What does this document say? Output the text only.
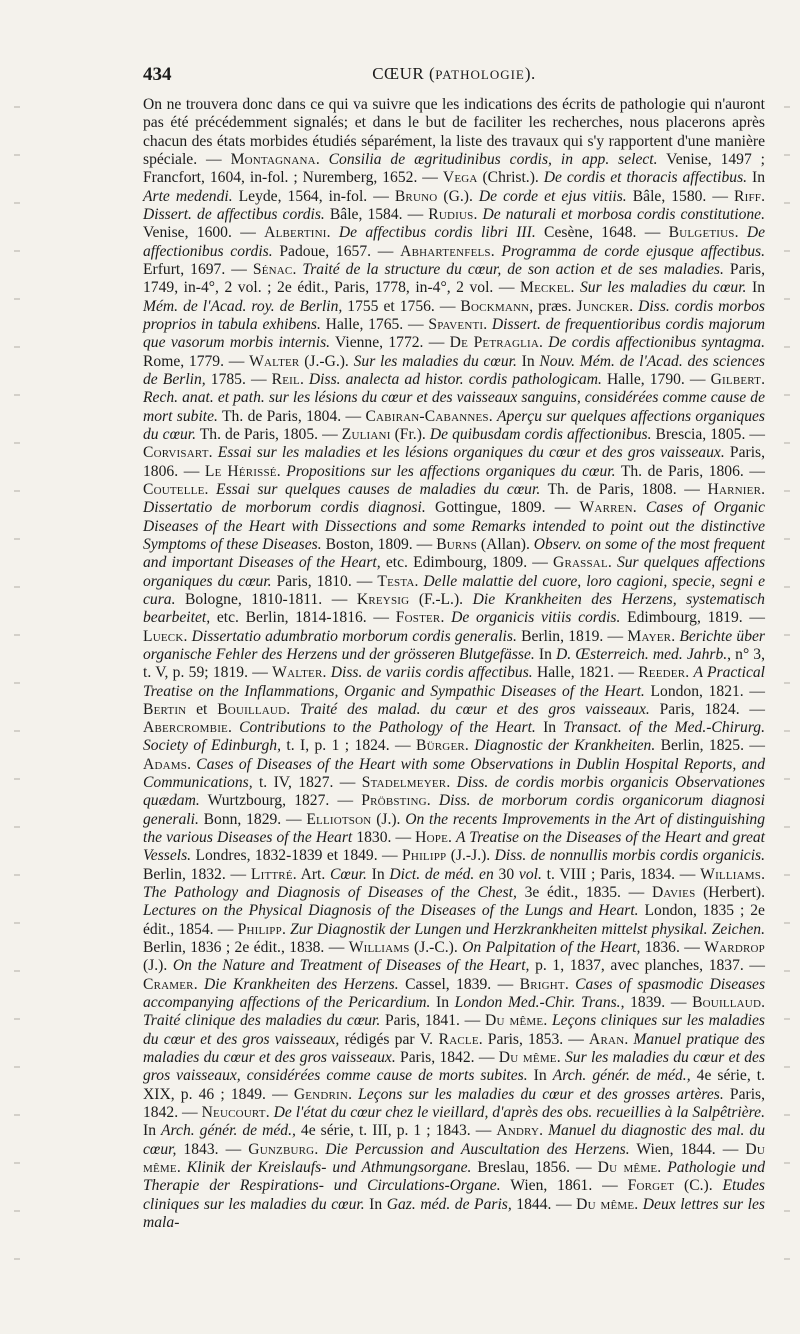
434	CŒUR (PATHOLOGIE).

On ne trouvera donc dans ce qui va suivre que les indications des écrits de pathologie qui n'auront pas été précédemment signalés; et dans le but de faciliter les recherches, nous placerons après chacun des états morbides étudiés séparément, la liste des travaux qui s'y rapportent d'une manière spéciale. — Montagnana. Consilia de ægritudinibus cordis, in app. select. Venise, 1497 ; Francfort, 1604, in-fol. ; Nuremberg, 1652. — Vega (Christ.). De cordis et thoracis affectibus. In Arte medendi. Leyde, 1564, in-fol. — Bruno (G.). De corde et ejus vitiis. Bâle, 1580. — Riff. Dissert. de affectibus cordis. Bâle, 1584. — Rudius. De naturali et morbosa cordis constitutione. Venise, 1600. — Albertini. De affectibus cordis libri III. Cesène, 1648. — Bulgetius. De affectionibus cordis. Padoue, 1657. — Abhartenfels. Programma de corde ejusque affectibus. Erfurt, 1697. — Sénac. Traité de la structure du cœur, de son action et de ses maladies. Paris, 1749, in-4°, 2 vol. ; 2e édit., Paris, 1778, in-4°, 2 vol. — Meckel. Sur les maladies du cœur. In Mém. de l'Acad. roy. de Berlin, 1755 et 1756. — Bockmann, præs. Juncker. Diss. cordis morbos proprios in tabula exhibens. Halle, 1765. — Spaventi. Dissert. de frequentioribus cordis majorum que vasorum morbis internis. Vienne, 1772. — De Petraglia. De cordis affectionibus syntagma. Rome, 1779. — Walter (J.-G.). Sur les maladies du cœur. In Nouv. Mém. de l'Acad. des sciences de Berlin, 1785. — Reil. Diss. analecta ad histor. cordis pathologicam. Halle, 1790. — Gilbert. Rech. anat. et path. sur les lésions du cœur et des vaisseaux sanguins, considérées comme cause de mort subite. Th. de Paris, 1804. — Cabiran-Cabannes. Aperçu sur quelques affections organiques du cœur. Th. de Paris, 1805. — Zuliani (Fr.). De quibusdam cordis affectionibus. Brescia, 1805. — Corvisart. Essai sur les maladies et les lésions organiques du cœur et des gros vaisseaux. Paris, 1806. — Le Hérissé. Propositions sur les affections organiques du cœur. Th. de Paris, 1806. — Coutelle. Essai sur quelques causes de maladies du cœur. Th. de Paris, 1808. — Harnier. Dissertatio de morborum cordis diagnosi. Gottingue, 1809. — Warren. Cases of Organic Diseases of the Heart with Dissections and some Remarks intended to point out the distinctive Symptoms of these Diseases. Boston, 1809. — Burns (Allan). Observ. on some of the most frequent and important Diseases of the Heart, etc. Edimbourg, 1809. — Grassal. Sur quelques affections organiques du cœur. Paris, 1810. — Testa. Delle malattie del cuore, loro cagioni, specie, segni e cura. Bologne, 1810-1811. — Kreysig (F.-L.). Die Krankheiten des Herzens, systematisch bearbeitet, etc. Berlin, 1814-1816. — Foster. De organicis vitiis cordis. Edimbourg, 1819. — Lueck. Dissertatio adumbratio morborum cordis generalis. Berlin, 1819. — Mayer. Berichte über organische Fehler des Herzens und der grösseren Blutgefässe. In D. Œsterreich. med. Jahrb., n° 3, t. V, p. 59; 1819. — Walter. Diss. de variis cordis affectibus. Halle, 1821. — Reeder. A Practical Treatise on the Inflammations, Organic and Sympathic Diseases of the Heart. London, 1821. — Bertin et Bouillaud. Traité des malad. du cœur et des gros vaisseaux. Paris, 1824. — Abercrombie. Contributions to the Pathology of the Heart. In Transact. of the Med.-Chirurg. Society of Edinburgh, t. I, p. 1 ; 1824. — Bürger. Diagnostic der Krankheiten. Berlin, 1825. — Adams. Cases of Diseases of the Heart with some Observations in Dublin Hospital Reports, and Communications, t. IV, 1827. — Stadelmeyer. Diss. de cordis morbis organicis Observationes quædam. Wurtzbourg, 1827. — Pröbsting. Diss. de morborum cordis organicorum diagnosi generali. Bonn, 1829. — Elliotson (J.). On the recents Improvements in the Art of distinguishing the various Diseases of the Heart 1830. — Hope. A Treatise on the Diseases of the Heart and great Vessels. Londres, 1832-1839 et 1849. — Philipp (J.-J.). Diss. de nonnullis morbis cordis organicis. Berlin, 1832. — Littré. Art. Cœur. In Dict. de méd. en 30 vol. t. VIII ; Paris, 1834. — Williams. The Pathology and Diagnosis of Diseases of the Chest, 3e édit., 1835. — Davies (Herbert). Lectures on the Physical Diagnosis of the Diseases of the Lungs and Heart. London, 1835 ; 2e édit., 1854. — Philipp. Zur Diagnostik der Lungen und Herzkrankheiten mittelst physikal. Zeichen. Berlin, 1836 ; 2e édit., 1838. — Williams (J.-C.). On Palpitation of the Heart, 1836. — Wardrop (J.). On the Nature and Treatment of Diseases of the Heart, p. 1, 1837, avec planches, 1837. — Cramer. Die Krankheiten des Herzens. Cassel, 1839. — Bright. Cases of spasmodic Diseases accompanying affections of the Pericardium. In London Med.-Chir. Trans., 1839. — Bouillaud. Traité clinique des maladies du cœur. Paris, 1841. — Du même. Leçons cliniques sur les maladies du cœur et des gros vaisseaux, rédigés par V. Racle. Paris, 1853. — Aran. Manuel pratique des maladies du cœur et des gros vaisseaux. Paris, 1842. — Du même. Sur les maladies du cœur et des gros vaisseaux, considérées comme cause de morts subites. In Arch. génér. de méd., 4e série, t. XIX, p. 46 ; 1849. — Gendrin. Leçons sur les maladies du cœur et des grosses artères. Paris, 1842. — Neucourt. De l'état du cœur chez le vieillard, d'après des obs. recueillies à la Salpêtrière. In Arch. génér. de méd., 4e série, t. III, p. 1 ; 1843. — Andry. Manuel du diagnostic des mal. du cœur, 1843. — Gunzburg. Die Percussion and Auscultation des Herzens. Wien, 1844. — Du même. Klinik der Kreislaufs- und Athmungsorgane. Breslau, 1856. — Du même. Pathologie und Therapie der Respirations- und Circulations-Organe. Wien, 1861. — Forget (C.). Etudes cliniques sur les maladies du cœur. In Gaz. méd. de Paris, 1844. — Du même. Deux lettres sur les mala-
